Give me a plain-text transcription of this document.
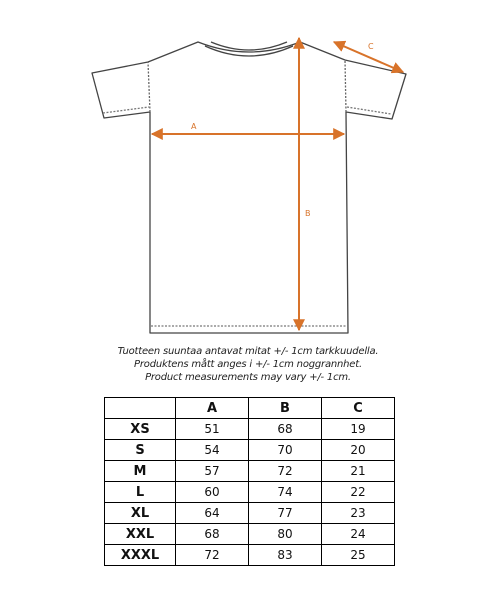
A
B
C
Tuotteen suuntaa antavat mitat +/- 1cm tarkkuudella.
Produktens mått anges i +/- 1cm noggrannhet.
Product measurements may vary +/- 1cm.
	A	B	C
XS	51	68	19
S	54	70	20
M	57	72	21
L	60	74	22
XL	64	77	23
XXL	68	80	24
XXXL	72	83	25
